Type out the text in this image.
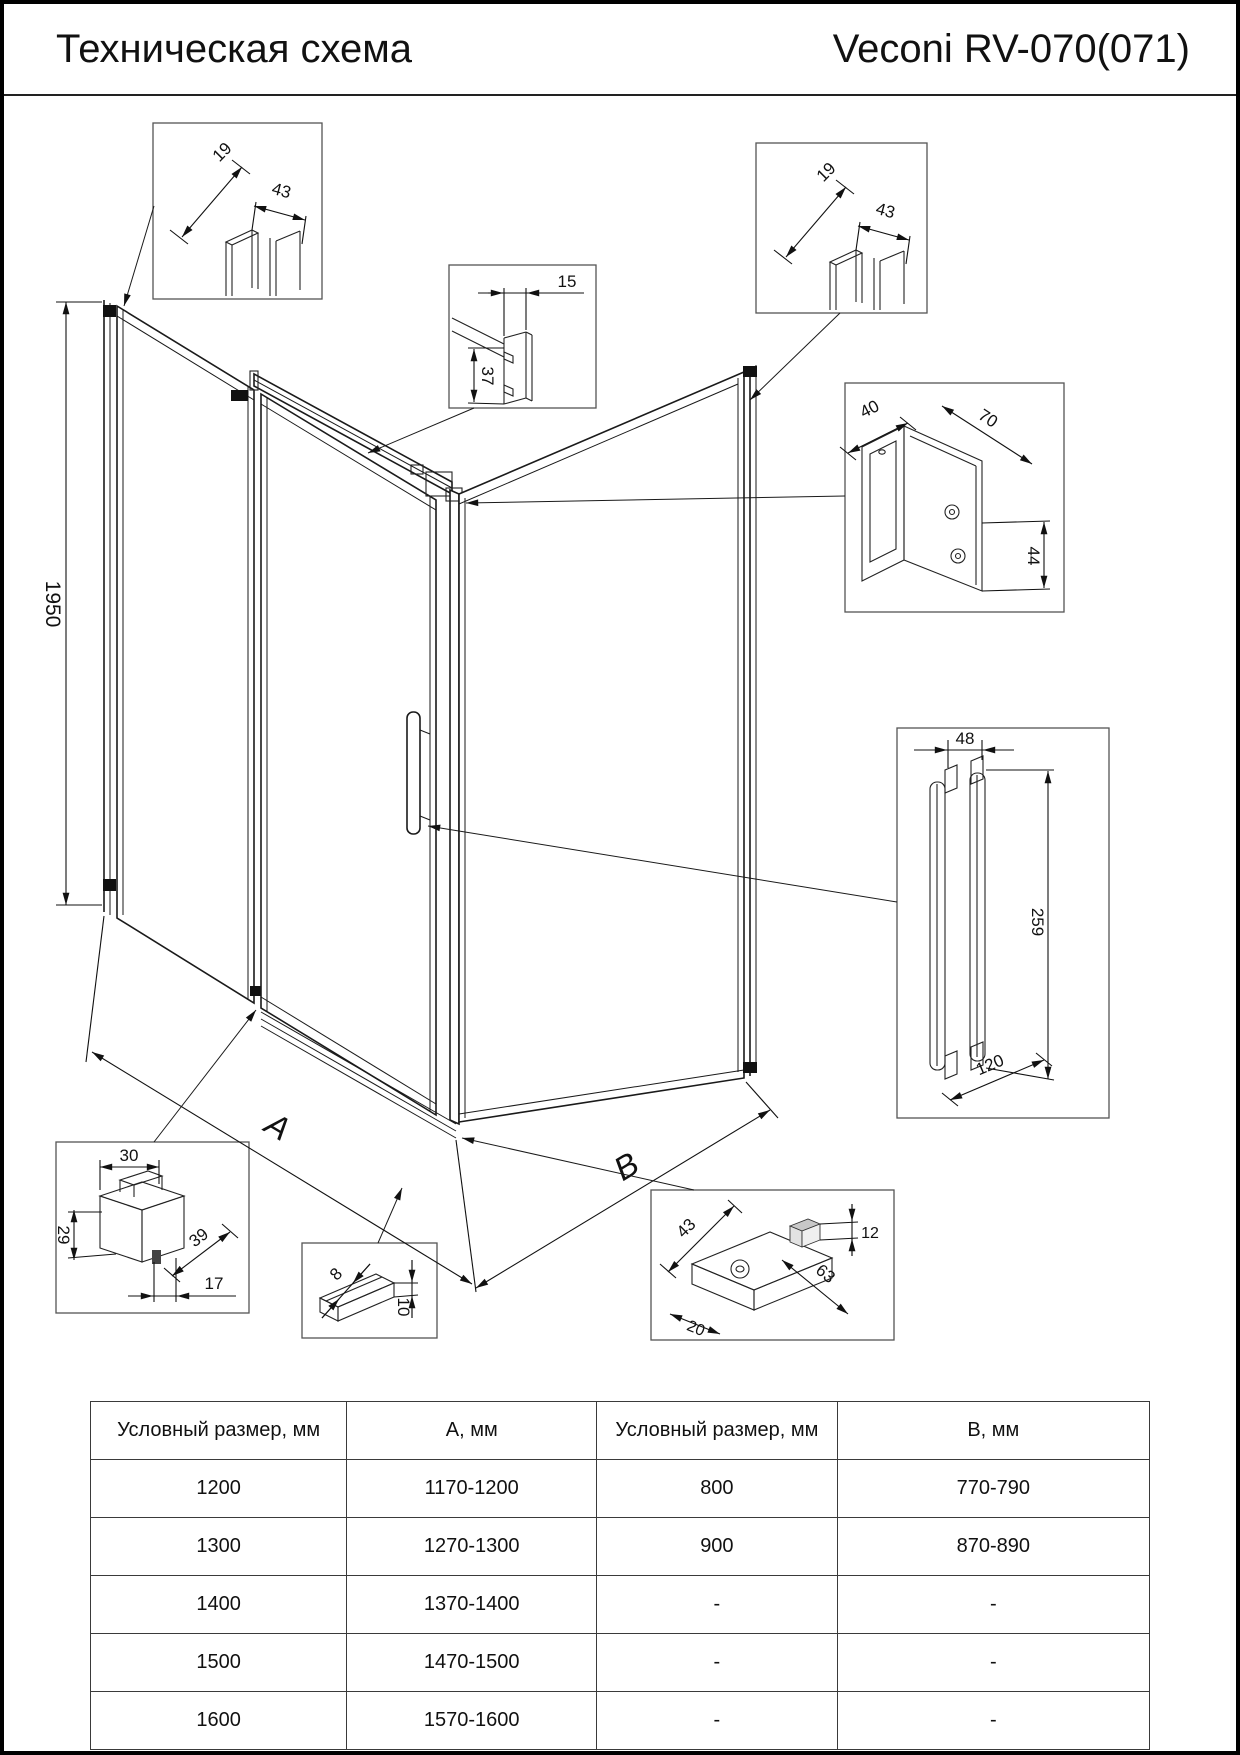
Техническая схема	Veconi RV-070(071)
19
43
15
37
19
43
40	70
44
48
259
120
30
29	39
17	8
10
43	12
63
20
1950
A
B
Условный размер, мм	А, мм	Условный размер, мм	В, мм
1200	1170-1200	800	770-790
1300	1270-1300	900	870-890
1400	1370-1400	-	-
1500	1470-1500	-	-
1600	1570-1600	-	-
